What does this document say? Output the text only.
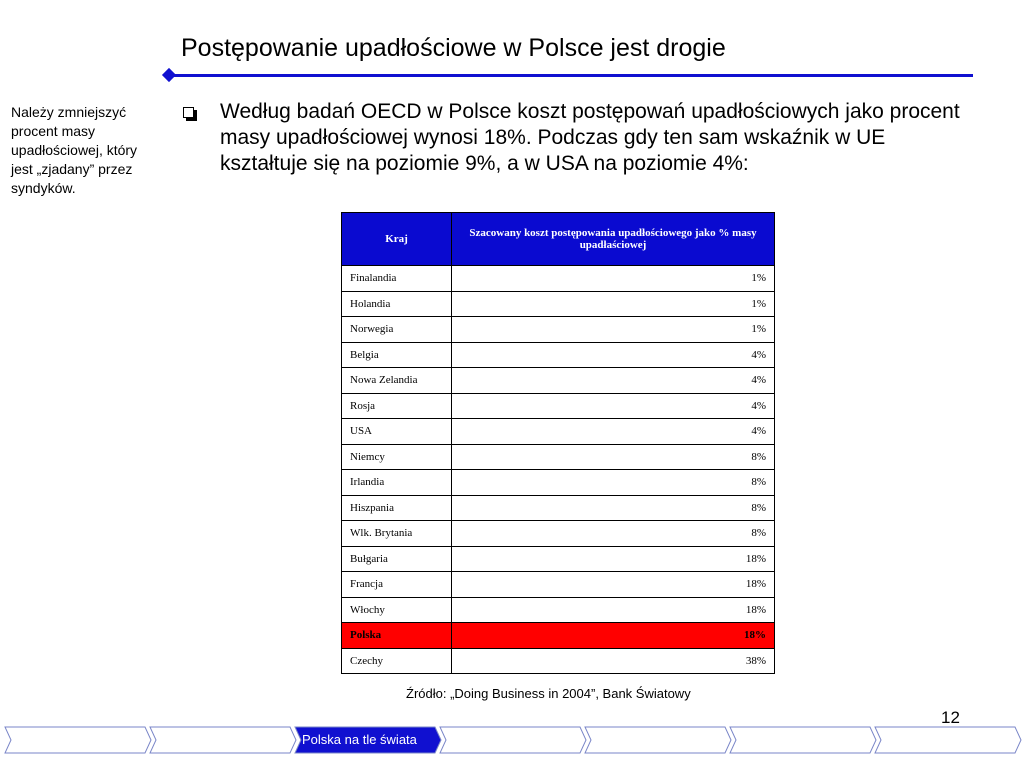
Postępowanie upadłościowe w Polsce jest drogie
Należy zmniejszyć procent masy upadłościowej, który jest „zjadany” przez syndyków.
Według badań OECD w Polsce koszt postępowań upadłościowych jako procent masy upadłościowej wynosi 18%. Podczas gdy ten sam wskaźnik w UE kształtuje się na poziomie 9%, a w USA na poziomie 4%:
Kraj	Szacowany koszt postępowania upadłościowego jako % masy upadłaściowej
Finalandia	1%
Holandia	1%
Norwegia	1%
Belgia	4%
Nowa Zelandia	4%
Rosja	4%
USA	4%
Niemcy	8%
Irlandia	8%
Hiszpania	8%
Wlk. Brytania	8%
Bułgaria	18%
Francja	18%
Włochy	18%
Polska	18%
Czechy	38%
Źródło: „Doing Business in 2004”, Bank Światowy
12
Polska na tle świata
